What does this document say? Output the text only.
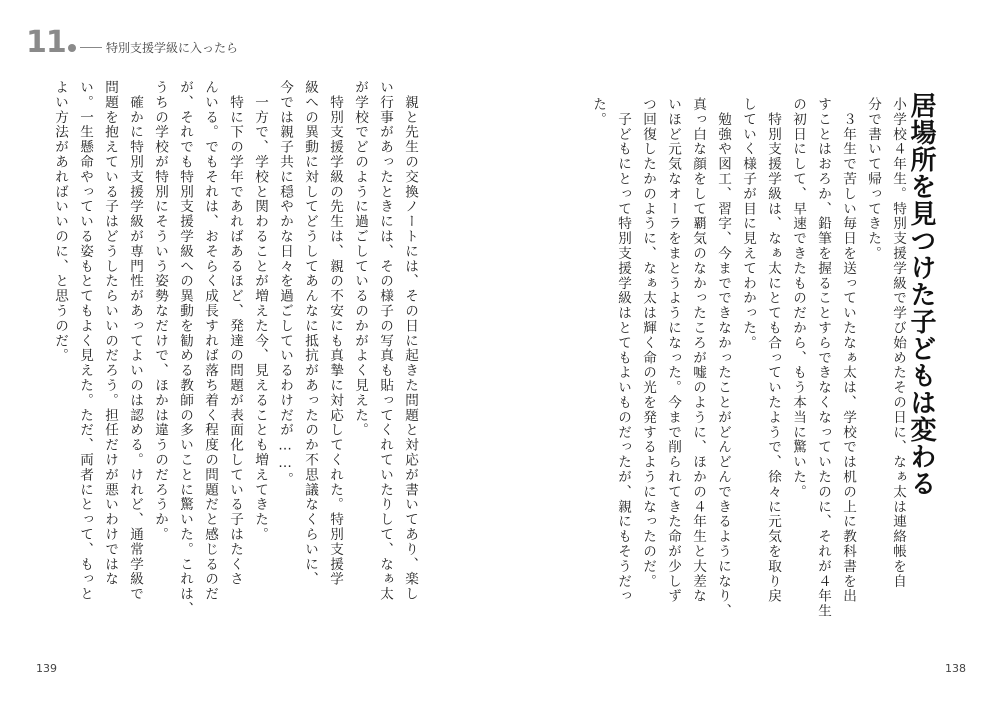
11	特別支援学級に入ったら
居場所を見つけた子どもは変わる
小学校４年生。特別支援学級で学び始めたその日に、なぁ太は連絡帳を自
分で書いて帰ってきた。
　３年生で苦しい毎日を送っていたなぁ太は、学校では机の上に教科書を出
すことはおろか、鉛筆を握ることすらできなくなっていたのに、それが４年生
の初日にして、早速できたものだから、もう本当に驚いた。
　特別支援学級は、なぁ太にとても合っていたようで、徐々に元気を取り戻
していく様子が目に見えてわかった。
　勉強や図工、習字、今までできなかったことがどんどんできるようになり、
真っ白な顔をして覇気のなかったころが嘘のように、ほかの４年生と大差な
いほど元気なオーラをまとうようになった。今まで削られてきた命が少しず
つ回復したかのように、なぁ太は輝く命の光を発するようになったのだ。
　子どもにとって特別支援学級はとてもよいものだったが、親にもそうだっ
た。
　親と先生の交換ノートには、その日に起きた問題と対応が書いてあり、楽し
い行事があったときには、その様子の写真も貼ってくれていたりして、なぁ太
が学校でどのように過ごしているのかがよく見えた。
　特別支援学級の先生は、親の不安にも真摯に対応してくれた。特別支援学
級への異動に対してどうしてあんなに抵抗があったのか不思議なくらいに、
今では親子共に穏やかな日々を過ごしているわけだが……。
　一方で、学校と関わることが増えた今、見えることも増えてきた。
　特に下の学年であればあるほど、発達の問題が表面化している子はたくさ
んいる。でもそれは、おそらく成長すれば落ち着く程度の問題だと感じるのだ
が、それでも特別支援学級への異動を勧める教師の多いことに驚いた。これは、
うちの学校が特別にそういう姿勢なだけで、ほかは違うのだろうか。
　確かに特別支援学級が専門性があってよいのは認める。けれど、通常学級で
問題を抱えている子はどうしたらいいのだろう。担任だけが悪いわけではな
い。一生懸命やっている姿もとてもよく見えた。ただ、両者にとって、もっと
よい方法があればいいのに、と思うのだ。
139	138
